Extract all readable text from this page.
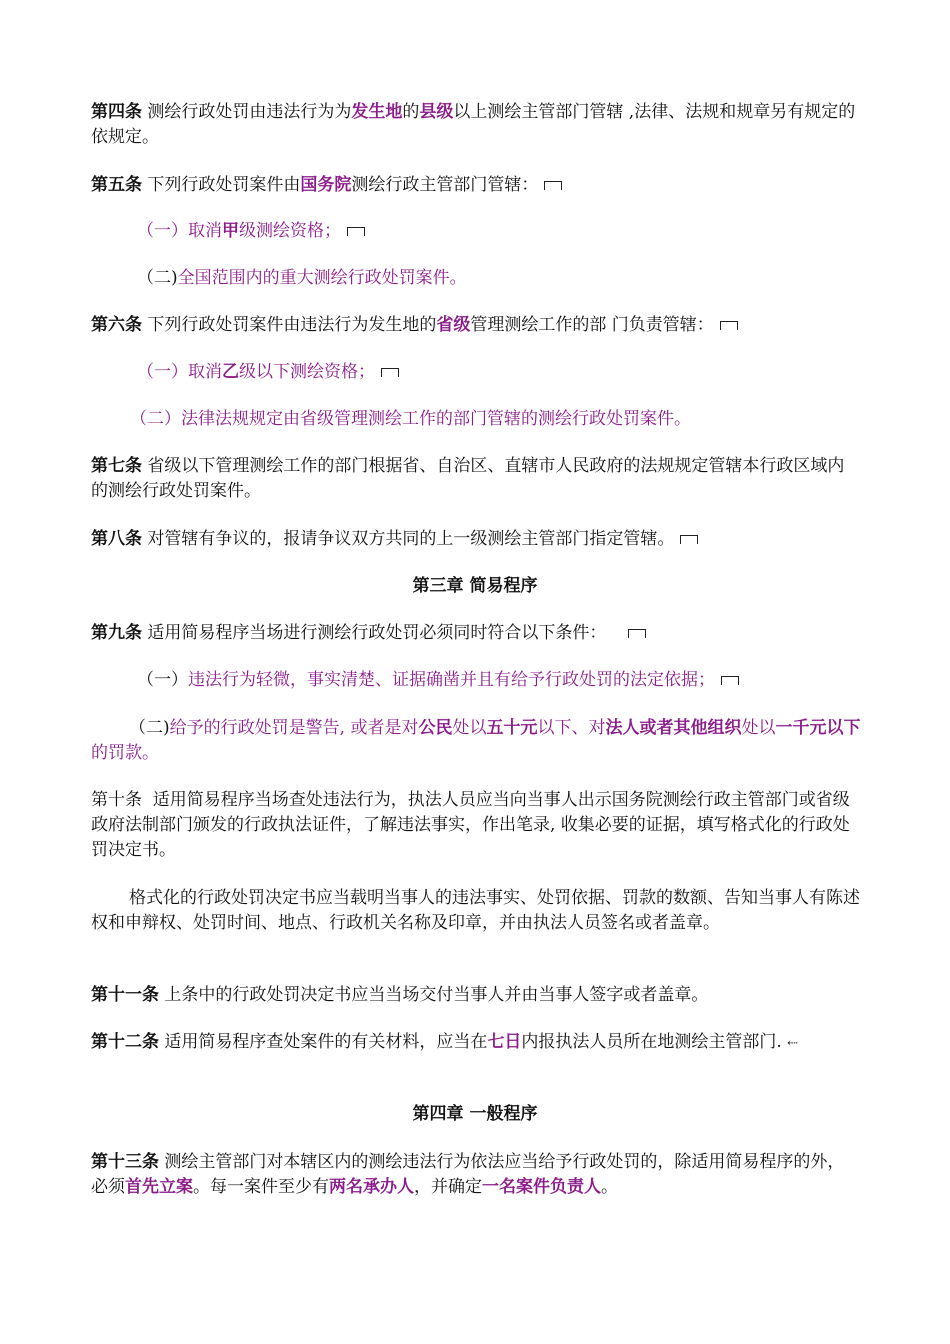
第四条 测绘行政处罚由违法行为为发生地的县级以上测绘主管部门管辖 ,法律、法规和规章另有规定的依规定。

第五条 下列行政处罚案件由国务院测绘行政主管部门管辖：

（一）取消甲级测绘资格；

（二)全国范围内的重大测绘行政处罚案件。

第六条 下列行政处罚案件由违法行为发生地的省级管理测绘工作的部 门负责管辖：

（一）取消乙级以下测绘资格；

（二）法律法规规定由省级管理测绘工作的部门管辖的测绘行政处罚案件。

第七条 省级以下管理测绘工作的部门根据省、自治区、直辖市人民政府的法规规定管辖本行政区域内的测绘行政处罚案件。

第八条 对管辖有争议的，报请争议双方共同的上一级测绘主管部门指定管辖。

第三章 简易程序

第九条 适用简易程序当场进行测绘行政处罚必须同时符合以下条件：

（一）违法行为轻微，事实清楚、证据确凿并且有给予行政处罚的法定依据；

（二)给予的行政处罚是警告, 或者是对公民处以五十元以下、对法人或者其他组织处以一千元以下的罚款。

第十条  适用简易程序当场查处违法行为，执法人员应当向当事人出示国务院测绘行政主管部门或省级政府法制部门颁发的行政执法证件，了解违法事实，作出笔录, 收集必要的证据，填写格式化的行政处罚决定书。

格式化的行政处罚决定书应当载明当事人的违法事实、处罚依据、罚款的数额、告知当事人有陈述权和申辩权、处罚时间、地点、行政机关名称及印章，并由执法人员签名或者盖章。

第十一条 上条中的行政处罚决定书应当当场交付当事人并由当事人签字或者盖章。

第十二条 适用简易程序查处案件的有关材料，应当在七日内报执法人员所在地测绘主管部门. ⇠

第四章 一般程序

第十三条 测绘主管部门对本辖区内的测绘违法行为依法应当给予行政处罚的，除适用简易程序的外，必须首先立案。每一案件至少有两名承办人，并确定一名案件负责人。
